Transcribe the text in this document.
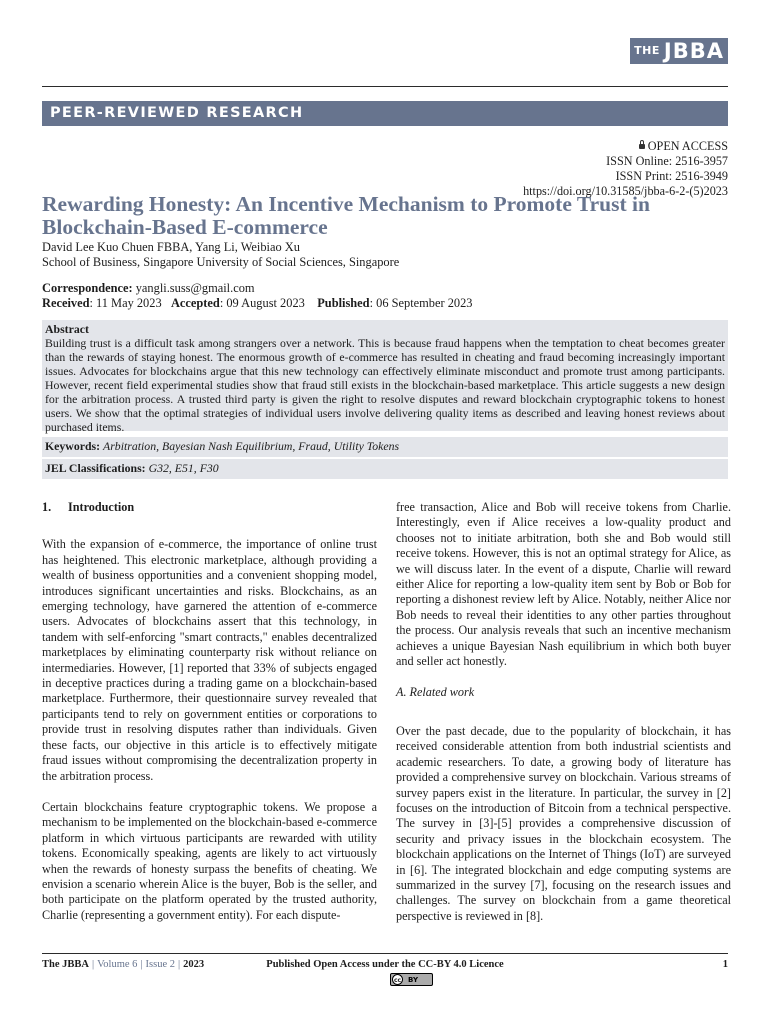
THE JBBA
PEER-REVIEWED RESEARCH
OPEN ACCESS
ISSN Online: 2516-3957
ISSN Print: 2516-3949
https://doi.org/10.31585/jbba-6-2-(5)2023
Rewarding Honesty: An Incentive Mechanism to Promote Trust in Blockchain-Based E-commerce
David Lee Kuo Chuen FBBA, Yang Li, Weibiao Xu
School of Business, Singapore University of Social Sciences, Singapore
Correspondence: yangli.suss@gmail.com
Received: 11 May 2023 Accepted: 09 August 2023 Published: 06 September 2023
Abstract
Building trust is a difficult task among strangers over a network. This is because fraud happens when the temptation to cheat becomes greater than the rewards of staying honest. The enormous growth of e-commerce has resulted in cheating and fraud becoming increasingly important issues. Advocates for blockchains argue that this new technology can effectively eliminate misconduct and promote trust among participants. However, recent field experimental studies show that fraud still exists in the blockchain-based marketplace. This article suggests a new design for the arbitration process. A trusted third party is given the right to resolve disputes and reward blockchain cryptographic tokens to honest users. We show that the optimal strategies of individual users involve delivering quality items as described and leaving honest reviews about purchased items.
Keywords: Arbitration, Bayesian Nash Equilibrium, Fraud, Utility Tokens
JEL Classifications: G32, E51, F30
1. Introduction

With the expansion of e-commerce, the importance of online trust has heightened. This electronic marketplace, although providing a wealth of business opportunities and a convenient shopping model, introduces significant uncertainties and risks. Blockchains, as an emerging technology, have garnered the attention of e-commerce users. Advocates of blockchains assert that this technology, in tandem with self-enforcing "smart contracts," enables decentralized marketplaces by eliminating counterparty risk without reliance on intermediaries. However, [1] reported that 33% of subjects engaged in deceptive practices during a trading game on a blockchain-based marketplace. Furthermore, their questionnaire survey revealed that participants tend to rely on government entities or corporations to provide trust in resolving disputes rather than individuals. Given these facts, our objective in this article is to effectively mitigate fraud issues without compromising the decentralization property in the arbitration process.

Certain blockchains feature cryptographic tokens. We propose a mechanism to be implemented on the blockchain-based e-commerce platform in which virtuous participants are rewarded with utility tokens. Economically speaking, agents are likely to act virtuously when the rewards of honesty surpass the benefits of cheating. We envision a scenario wherein Alice is the buyer, Bob is the seller, and both participate on the platform operated by the trusted authority, Charlie (representing a government entity). For each dispute-

free transaction, Alice and Bob will receive tokens from Charlie. Interestingly, even if Alice receives a low-quality product and chooses not to initiate arbitration, both she and Bob would still receive tokens. However, this is not an optimal strategy for Alice, as we will discuss later. In the event of a dispute, Charlie will reward either Alice for reporting a low-quality item sent by Bob or Bob for reporting a dishonest review left by Alice. Notably, neither Alice nor Bob needs to reveal their identities to any other parties throughout the process. Our analysis reveals that such an incentive mechanism achieves a unique Bayesian Nash equilibrium in which both buyer and seller act honestly.

A. Related work

Over the past decade, due to the popularity of blockchain, it has received considerable attention from both industrial scientists and academic researchers. To date, a growing body of literature has provided a comprehensive survey on blockchain. Various streams of survey papers exist in the literature. In particular, the survey in [2] focuses on the introduction of Bitcoin from a technical perspective. The survey in [3]-[5] provides a comprehensive discussion of security and privacy issues in the blockchain ecosystem. The blockchain applications on the Internet of Things (IoT) are surveyed in [6]. The integrated blockchain and edge computing systems are summarized in the survey [7], focusing on the research issues and challenges. The survey on blockchain from a game theoretical perspective is reviewed in [8].

The JBBA | Volume 6 | Issue 2 | 2023	Published Open Access under the CC-BY 4.0 Licence	1
cc BY
